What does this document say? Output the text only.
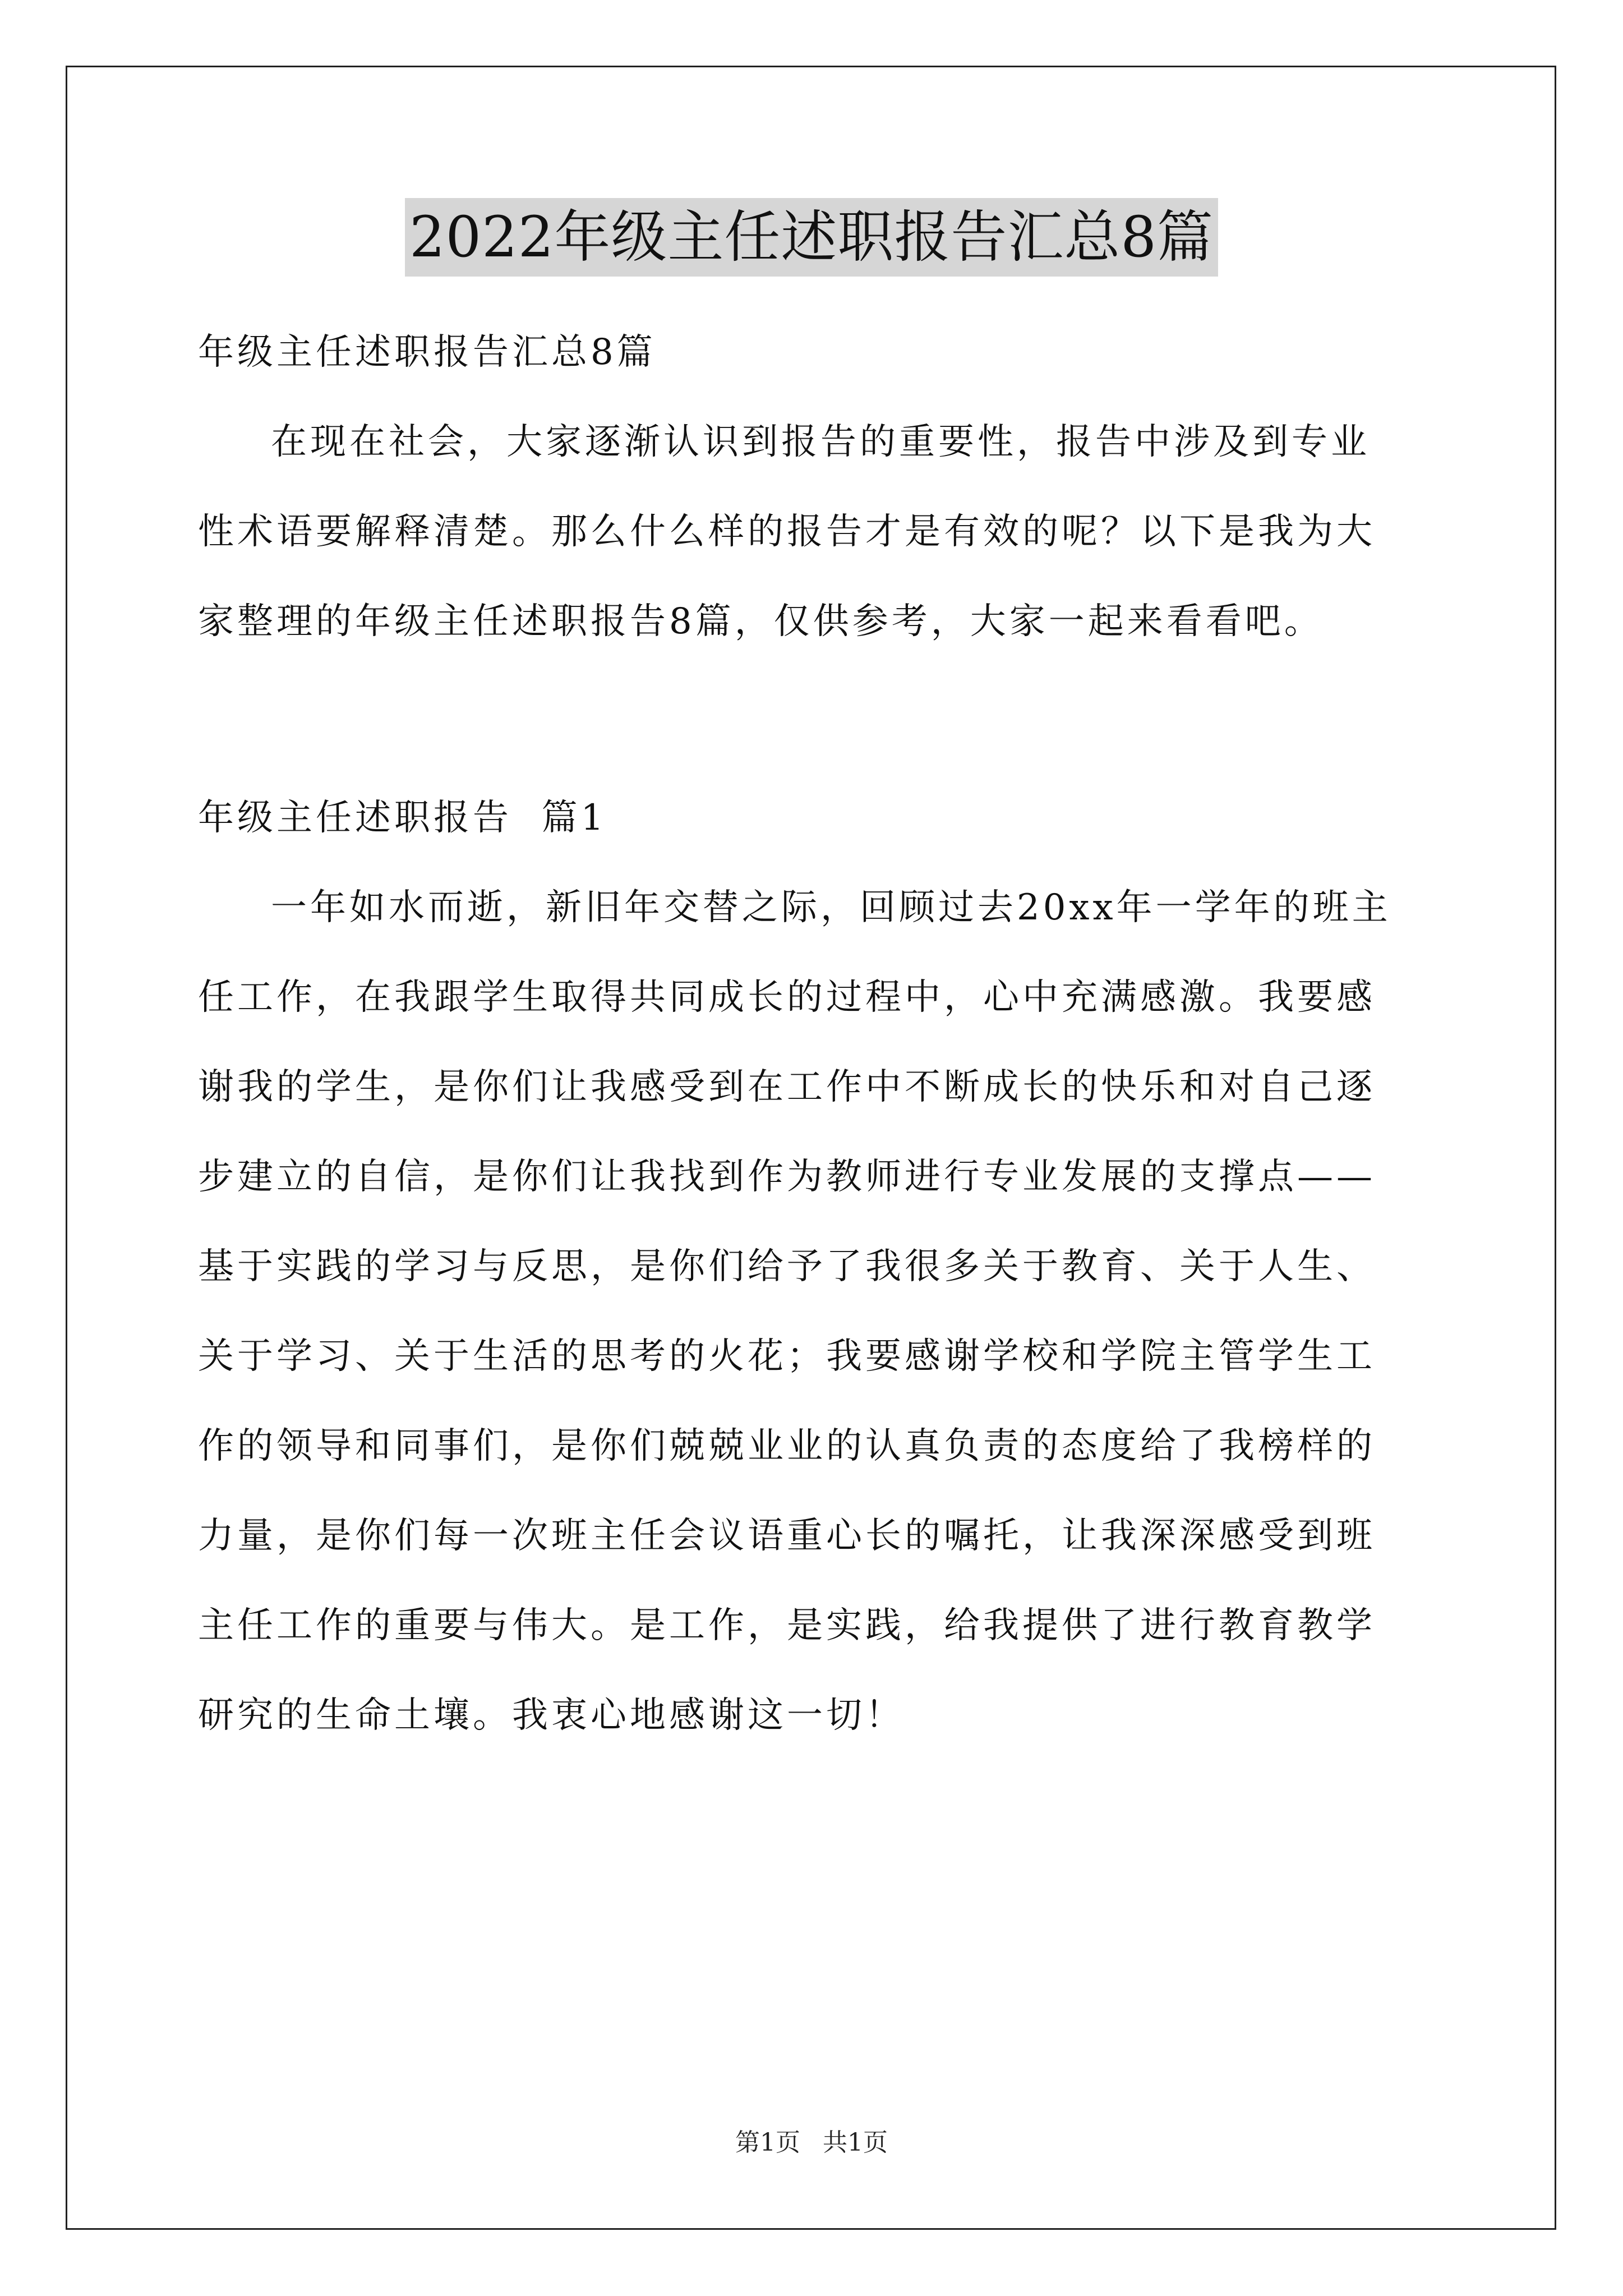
2022年级主任述职报告汇总8篇
年级主任述职报告汇总8篇
在现在社会，大家逐渐认识到报告的重要性，报告中涉及到专业
性术语要解释清楚。那么什么样的报告才是有效的呢？以下是我为大
家整理的年级主任述职报告8篇，仅供参考，大家一起来看看吧。
年级主任述职报告  篇1
一年如水而逝，新旧年交替之际，回顾过去20xx年一学年的班主
任工作，在我跟学生取得共同成长的过程中，心中充满感激。我要感
谢我的学生，是你们让我感受到在工作中不断成长的快乐和对自己逐
步建立的自信，是你们让我找到作为教师进行专业发展的支撑点——
基于实践的学习与反思，是你们给予了我很多关于教育、关于人生、
关于学习、关于生活的思考的火花；我要感谢学校和学院主管学生工
作的领导和同事们，是你们兢兢业业的认真负责的态度给了我榜样的
力量，是你们每一次班主任会议语重心长的嘱托，让我深深感受到班
主任工作的重要与伟大。是工作，是实践，给我提供了进行教育教学
研究的生命土壤。我衷心地感谢这一切！
第1页 共1页
